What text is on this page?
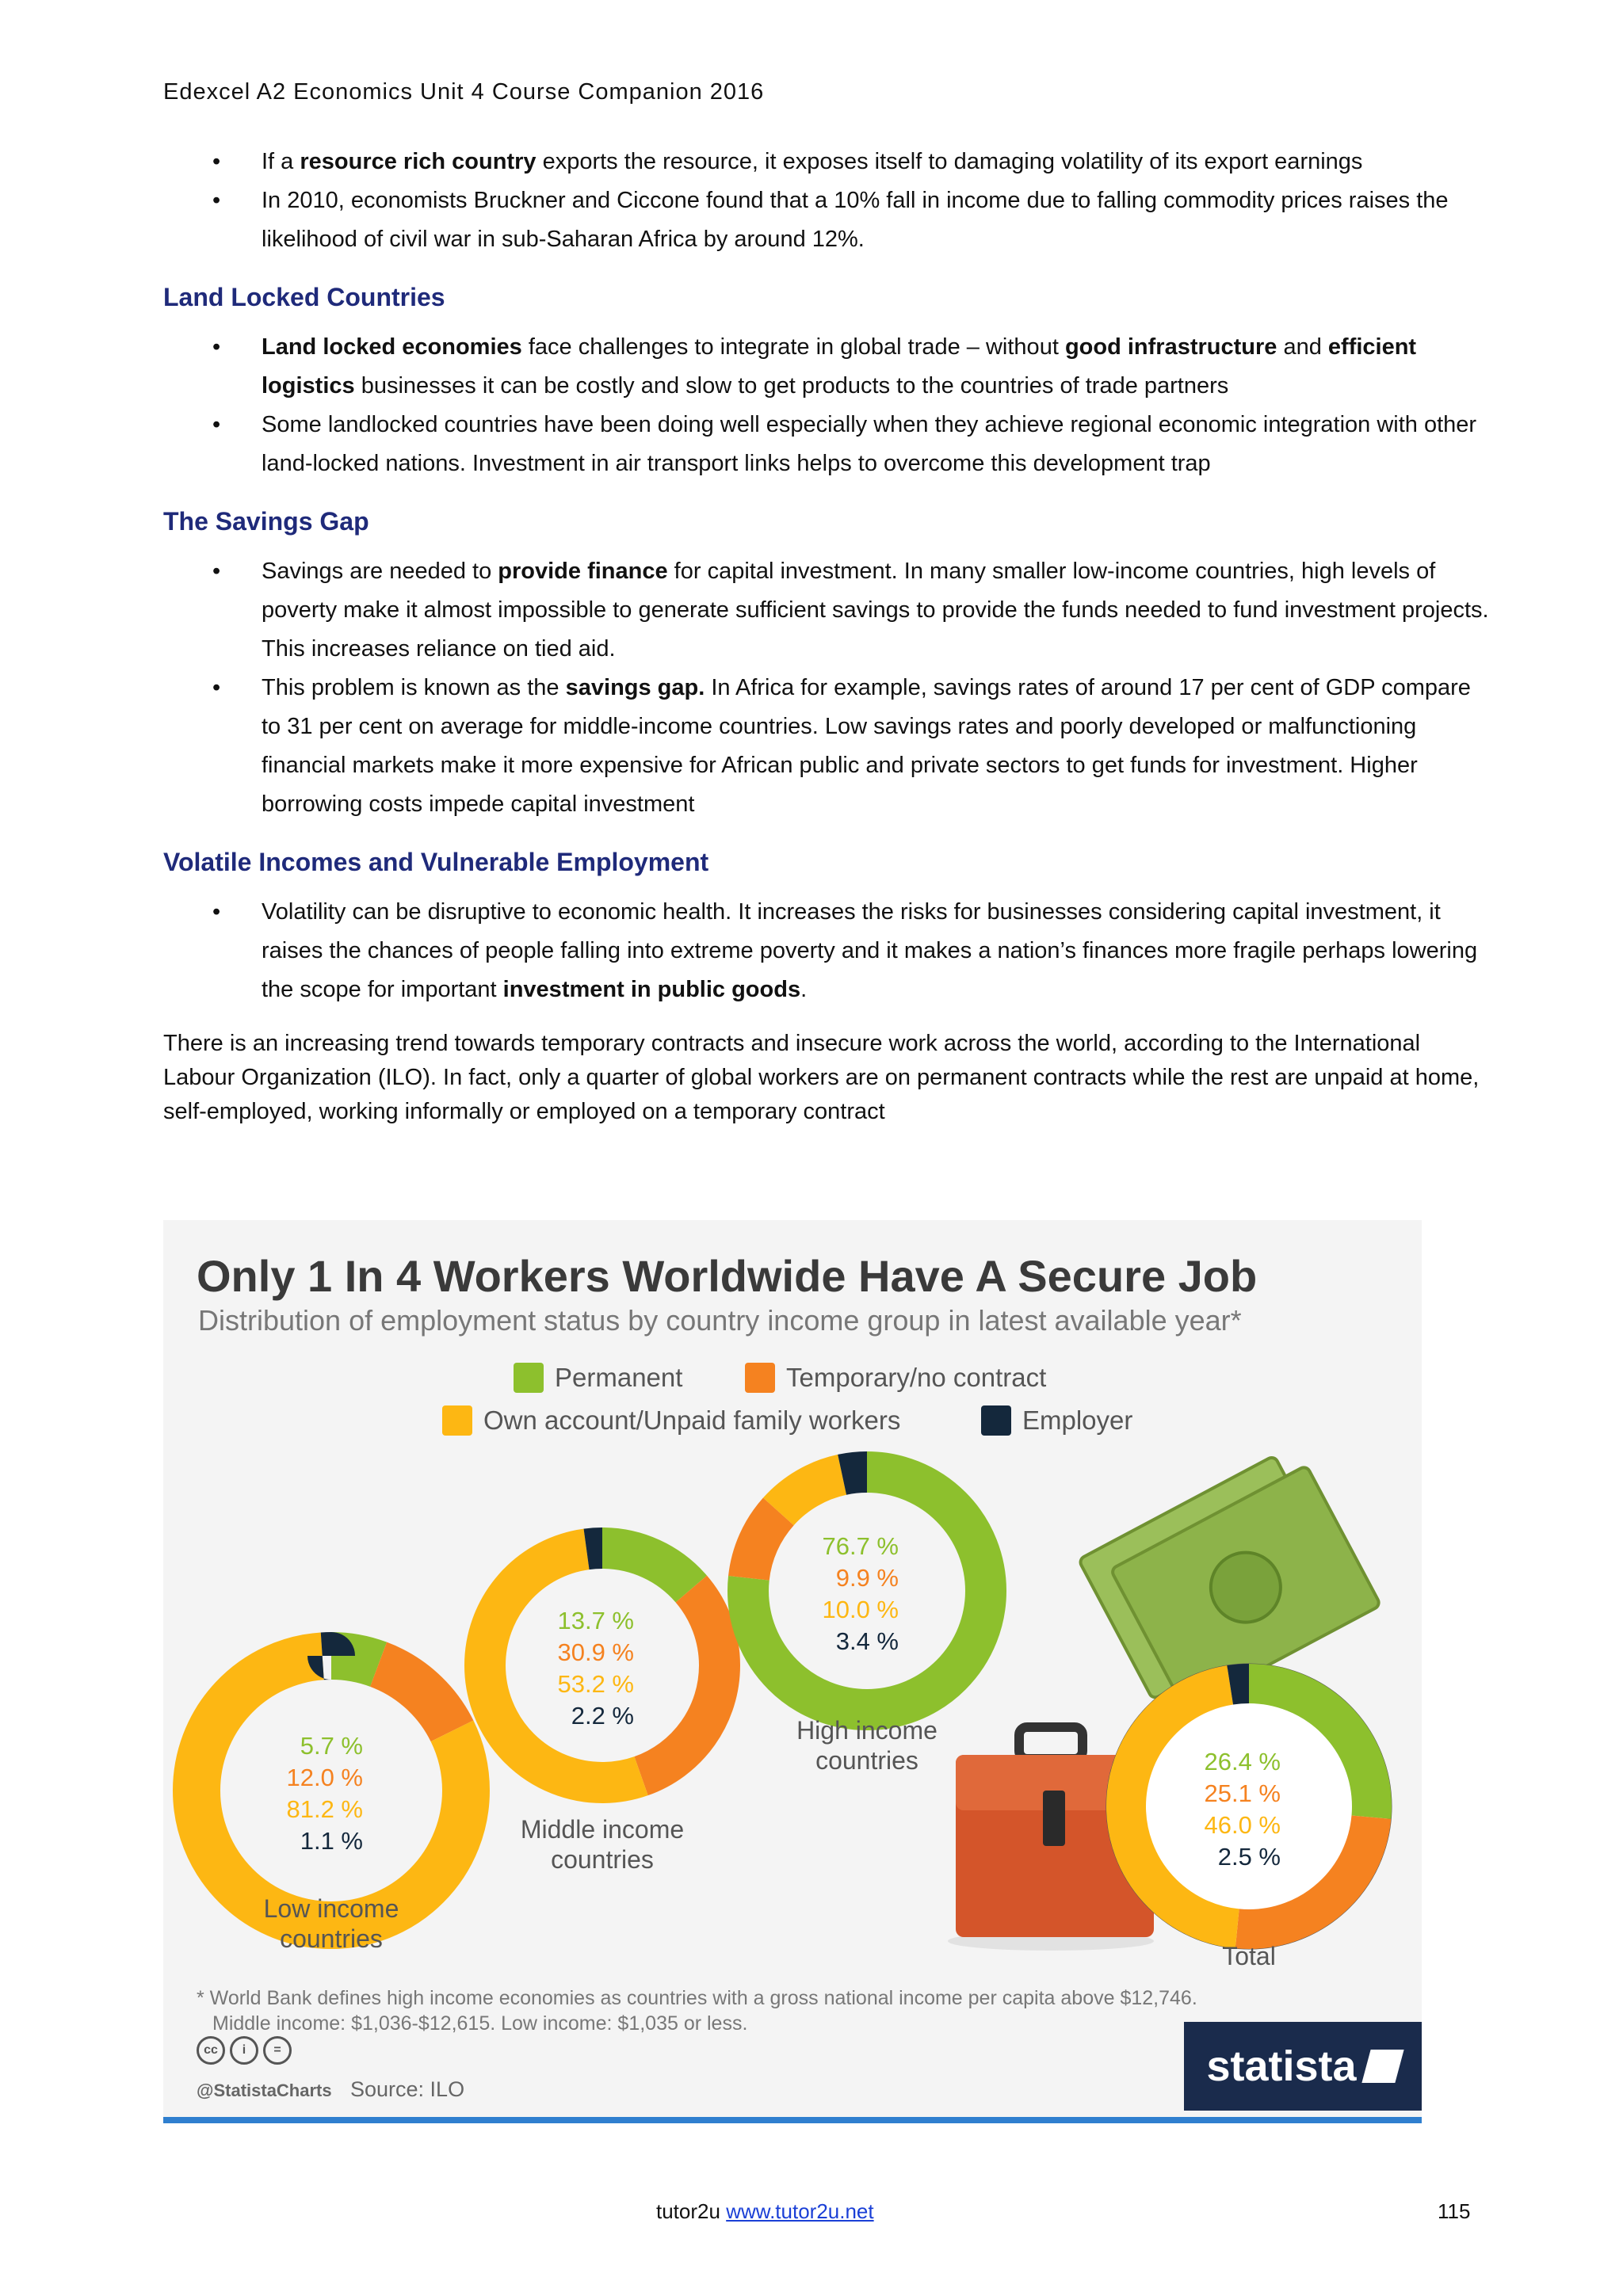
Edexcel A2 Economics Unit 4 Course Companion 2016
• If a resource rich country exports the resource, it exposes itself to damaging volatility of its export earnings
• In 2010, economists Bruckner and Ciccone found that a 10% fall in income due to falling commodity prices raises the likelihood of civil war in sub-Saharan Africa by around 12%.
Land Locked Countries
• Land locked economies face challenges to integrate in global trade – without good infrastructure and efficient logistics businesses it can be costly and slow to get products to the countries of trade partners
• Some landlocked countries have been doing well especially when they achieve regional economic integration with other land-locked nations. Investment in air transport links helps to overcome this development trap
The Savings Gap
• Savings are needed to provide finance for capital investment. In many smaller low-income countries, high levels of poverty make it almost impossible to generate sufficient savings to provide the funds needed to fund investment projects. This increases reliance on tied aid.
• This problem is known as the savings gap. In Africa for example, savings rates of around 17 per cent of GDP compare to 31 per cent on average for middle-income countries. Low savings rates and poorly developed or malfunctioning financial markets make it more expensive for African public and private sectors to get funds for investment. Higher borrowing costs impede capital investment
Volatile Incomes and Vulnerable Employment
• Volatility can be disruptive to economic health. It increases the risks for businesses considering capital investment, it raises the chances of people falling into extreme poverty and it makes a nation’s finances more fragile perhaps lowering the scope for important investment in public goods.
There is an increasing trend towards temporary contracts and insecure work across the world, according to the International Labour Organization (ILO). In fact, only a quarter of global workers are on permanent contracts while the rest are unpaid at home, self-employed, working informally or employed on a temporary contract
Only 1 In 4 Workers Worldwide Have A Secure Job
Distribution of employment status by country income group in latest available year*
Permanent	Temporary/no contract
Own account/Unpaid family workers	Employer
5.7 %
12.0 %
81.2 %
1.1 %
Low income
countries
13.7 %
30.9 %
53.2 %
2.2 %
Middle income
countries
76.7 %
9.9 %
10.0 %
3.4 %
High income
countries	26.4 %
25.1 %
46.0 %
2.5 %
Total
* World Bank defines high income economies as countries with a gross national income per capita above $12,746.
Middle income: $1,036-$12,615. Low income: $1,035 or less.
cc	i	=
@StatistaCharts Source: ILO	statista
tutor2u www.tutor2u.net	115
